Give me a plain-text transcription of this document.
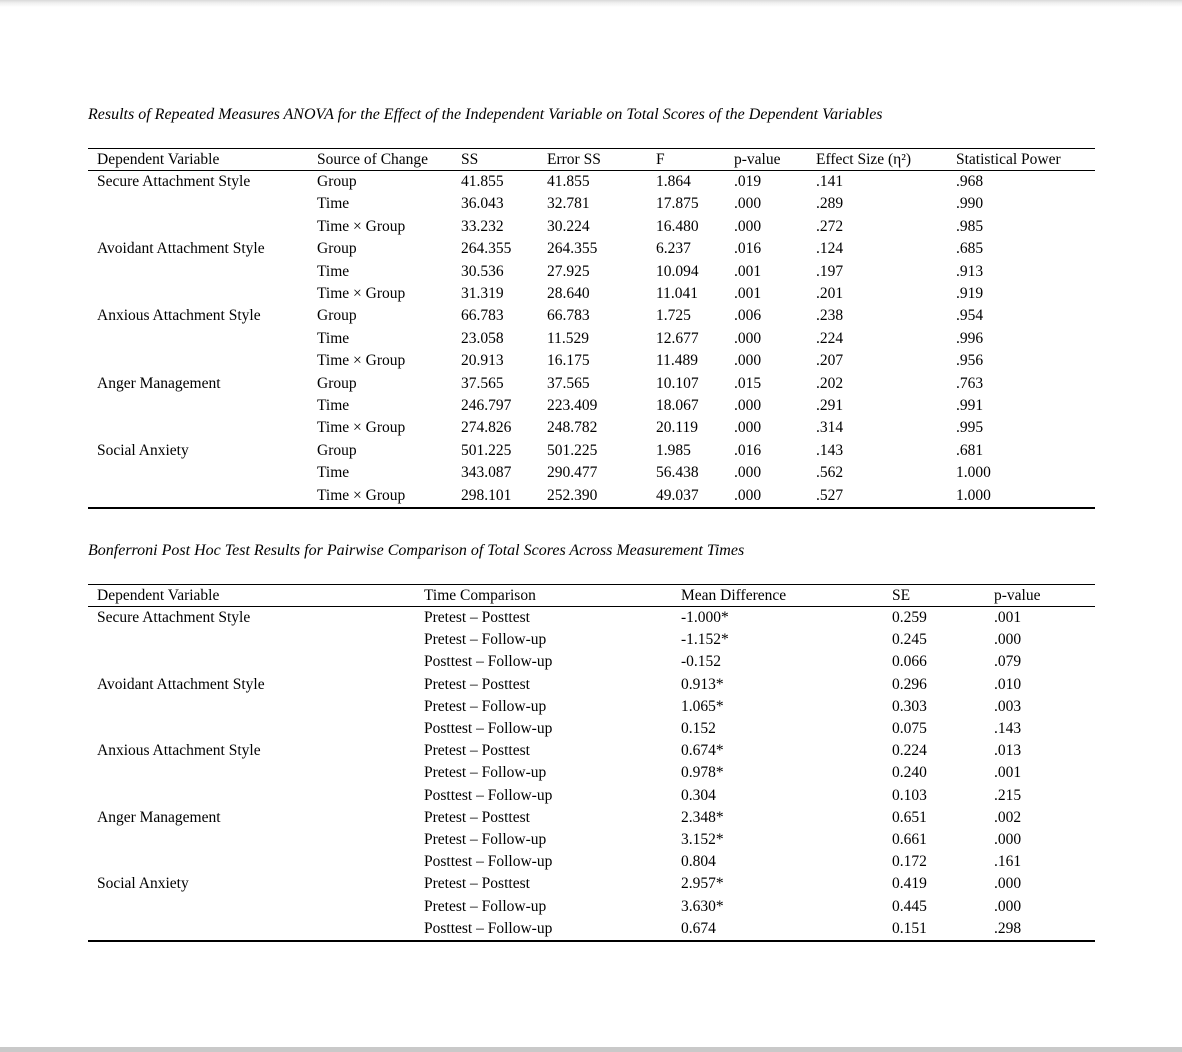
Results of Repeated Measures ANOVA for the Effect of the Independent Variable on Total Scores of the Dependent Variables

Dependent Variable	Source of Change	SS	Error SS	F	p-value	Effect Size (η²)	Statistical Power
Secure Attachment Style	Group	41.855	41.855	1.864	.019	.141	.968
	Time	36.043	32.781	17.875	.000	.289	.990
	Time × Group	33.232	30.224	16.480	.000	.272	.985
Avoidant Attachment Style	Group	264.355	264.355	6.237	.016	.124	.685
	Time	30.536	27.925	10.094	.001	.197	.913
	Time × Group	31.319	28.640	11.041	.001	.201	.919
Anxious Attachment Style	Group	66.783	66.783	1.725	.006	.238	.954
	Time	23.058	11.529	12.677	.000	.224	.996
	Time × Group	20.913	16.175	11.489	.000	.207	.956
Anger Management	Group	37.565	37.565	10.107	.015	.202	.763
	Time	246.797	223.409	18.067	.000	.291	.991
	Time × Group	274.826	248.782	20.119	.000	.314	.995
Social Anxiety	Group	501.225	501.225	1.985	.016	.143	.681
	Time	343.087	290.477	56.438	.000	.562	1.000
	Time × Group	298.101	252.390	49.037	.000	.527	1.000

Bonferroni Post Hoc Test Results for Pairwise Comparison of Total Scores Across Measurement Times

Dependent Variable	Time Comparison	Mean Difference	SE	p-value
Secure Attachment Style	Pretest – Posttest	-1.000*	0.259	.001
	Pretest – Follow-up	-1.152*	0.245	.000
	Posttest – Follow-up	-0.152	0.066	.079
Avoidant Attachment Style	Pretest – Posttest	0.913*	0.296	.010
	Pretest – Follow-up	1.065*	0.303	.003
	Posttest – Follow-up	0.152	0.075	.143
Anxious Attachment Style	Pretest – Posttest	0.674*	0.224	.013
	Pretest – Follow-up	0.978*	0.240	.001
	Posttest – Follow-up	0.304	0.103	.215
Anger Management	Pretest – Posttest	2.348*	0.651	.002
	Pretest – Follow-up	3.152*	0.661	.000
	Posttest – Follow-up	0.804	0.172	.161
Social Anxiety	Pretest – Posttest	2.957*	0.419	.000
	Pretest – Follow-up	3.630*	0.445	.000
	Posttest – Follow-up	0.674	0.151	.298
